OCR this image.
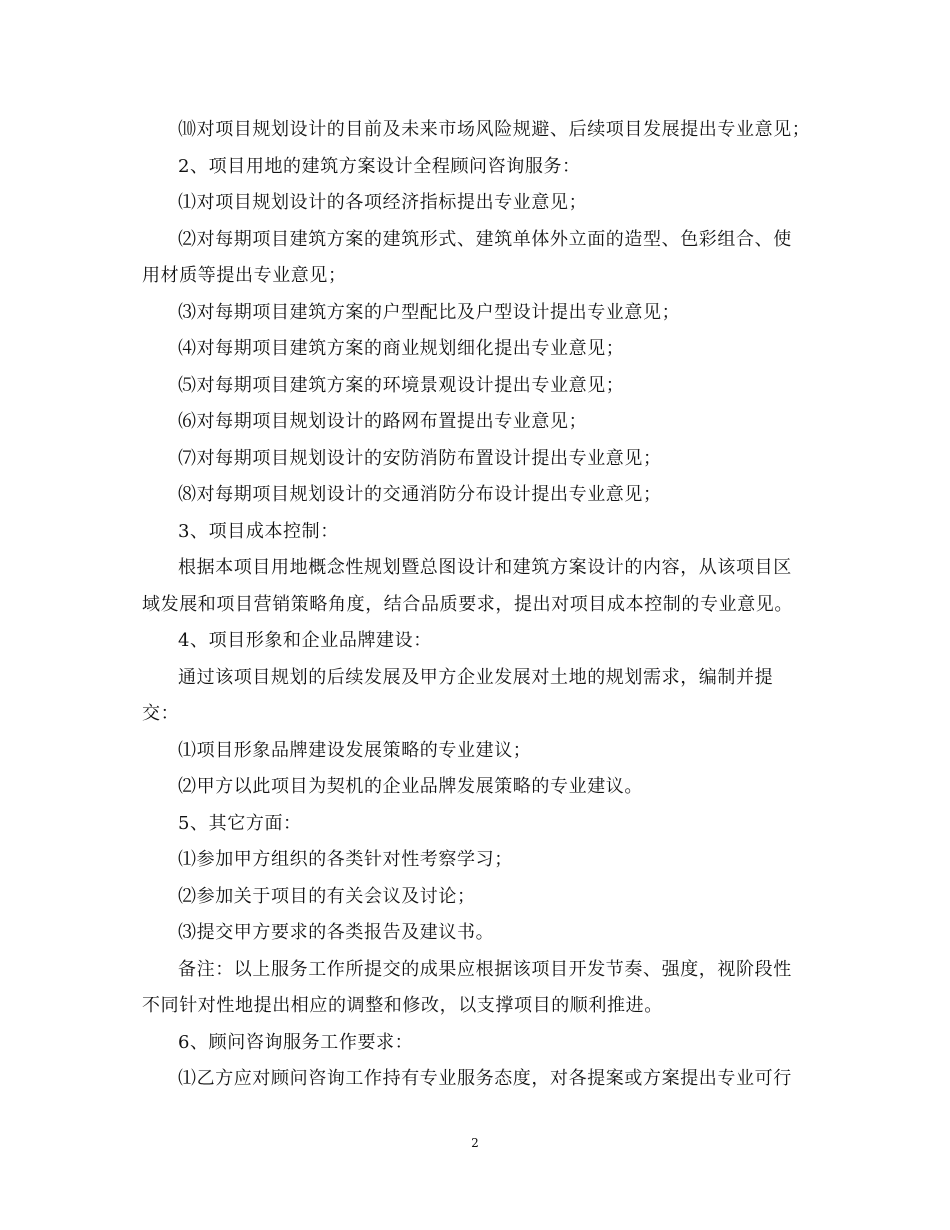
⑽对项目规划设计的目前及未来市场风险规避、后续项目发展提出专业意见；
2、项目用地的建筑方案设计全程顾问咨询服务：
⑴对项目规划设计的各项经济指标提出专业意见；
⑵对每期项目建筑方案的建筑形式、建筑单体外立面的造型、色彩组合、使
用材质等提出专业意见；
⑶对每期项目建筑方案的户型配比及户型设计提出专业意见；
⑷对每期项目建筑方案的商业规划细化提出专业意见；
⑸对每期项目建筑方案的环境景观设计提出专业意见；
⑹对每期项目规划设计的路网布置提出专业意见；
⑺对每期项目规划设计的安防消防布置设计提出专业意见；
⑻对每期项目规划设计的交通消防分布设计提出专业意见；
3、项目成本控制：
根据本项目用地概念性规划暨总图设计和建筑方案设计的内容，从该项目区
域发展和项目营销策略角度，结合品质要求，提出对项目成本控制的专业意见。
4、项目形象和企业品牌建设：
通过该项目规划的后续发展及甲方企业发展对土地的规划需求，编制并提
交：
⑴项目形象品牌建设发展策略的专业建议；
⑵甲方以此项目为契机的企业品牌发展策略的专业建议。
5、其它方面：
⑴参加甲方组织的各类针对性考察学习；
⑵参加关于项目的有关会议及讨论；
⑶提交甲方要求的各类报告及建议书。
备注：以上服务工作所提交的成果应根据该项目开发节奏、强度，视阶段性
不同针对性地提出相应的调整和修改，以支撑项目的顺利推进。
6、顾问咨询服务工作要求：
⑴乙方应对顾问咨询工作持有专业服务态度，对各提案或方案提出专业可行
2
